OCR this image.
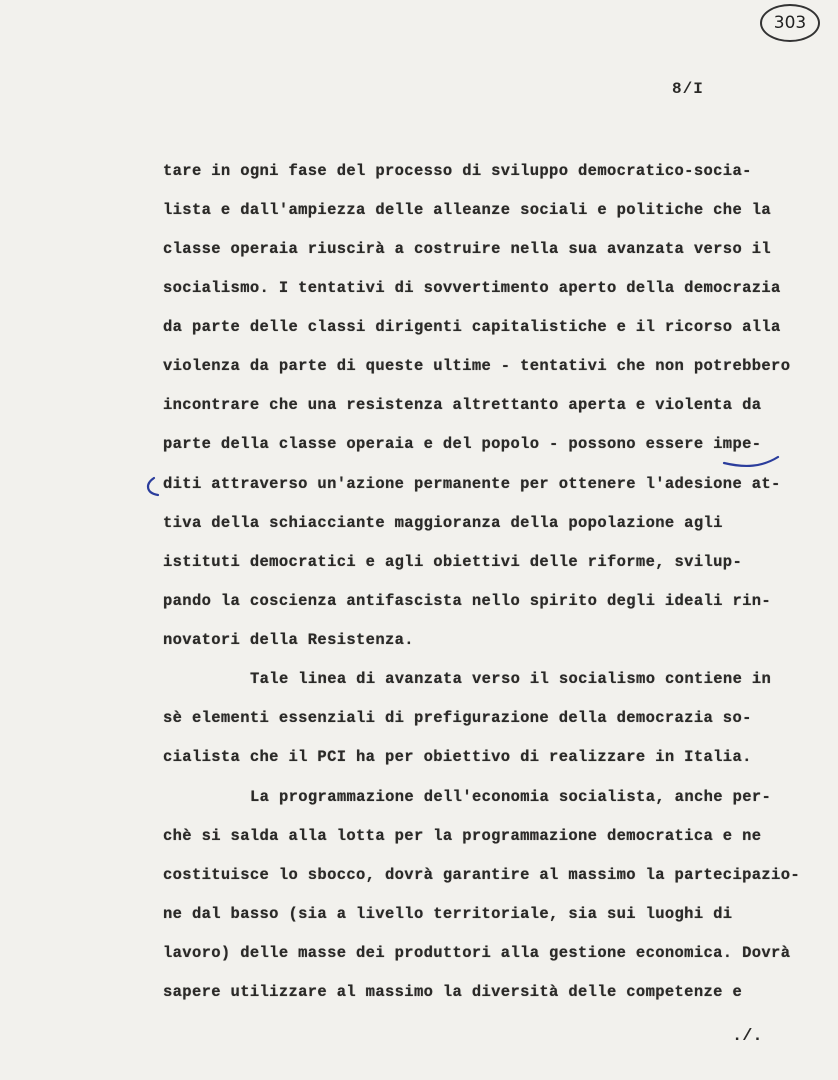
303
8/I
tare in ogni fase del processo di sviluppo democratico-socia-
lista e dall'ampiezza delle alleanze sociali e politiche che la
classe operaia riuscirà a costruire nella sua avanzata verso il
socialismo. I tentativi di sovvertimento aperto della democrazia
da parte delle classi dirigenti capitalistiche e il ricorso alla
violenza da parte di queste ultime - tentativi che non potrebbero
incontrare che una resistenza altrettanto aperta e violenta da
parte della classe operaia e del popolo - possono essere impe-
diti attraverso un'azione permanente per ottenere l'adesione at-
tiva della schiacciante maggioranza della popolazione agli
istituti democratici e agli obiettivi delle riforme, svilup-
pando la coscienza antifascista nello spirito degli ideali rin-
novatori della Resistenza.
Tale linea di avanzata verso il socialismo contiene in
sè elementi essenziali di prefigurazione della democrazia so-
cialista che il PCI ha per obiettivo di realizzare in Italia.
La programmazione dell'economia socialista, anche per-
chè si salda alla lotta per la programmazione democratica e ne
costituisce lo sbocco, dovrà garantire al massimo la partecipazio-
ne dal basso (sia a livello territoriale, sia sui luoghi di
lavoro) delle masse dei produttori alla gestione economica. Dovrà
sapere utilizzare al massimo la diversità delle competenze e
./.
